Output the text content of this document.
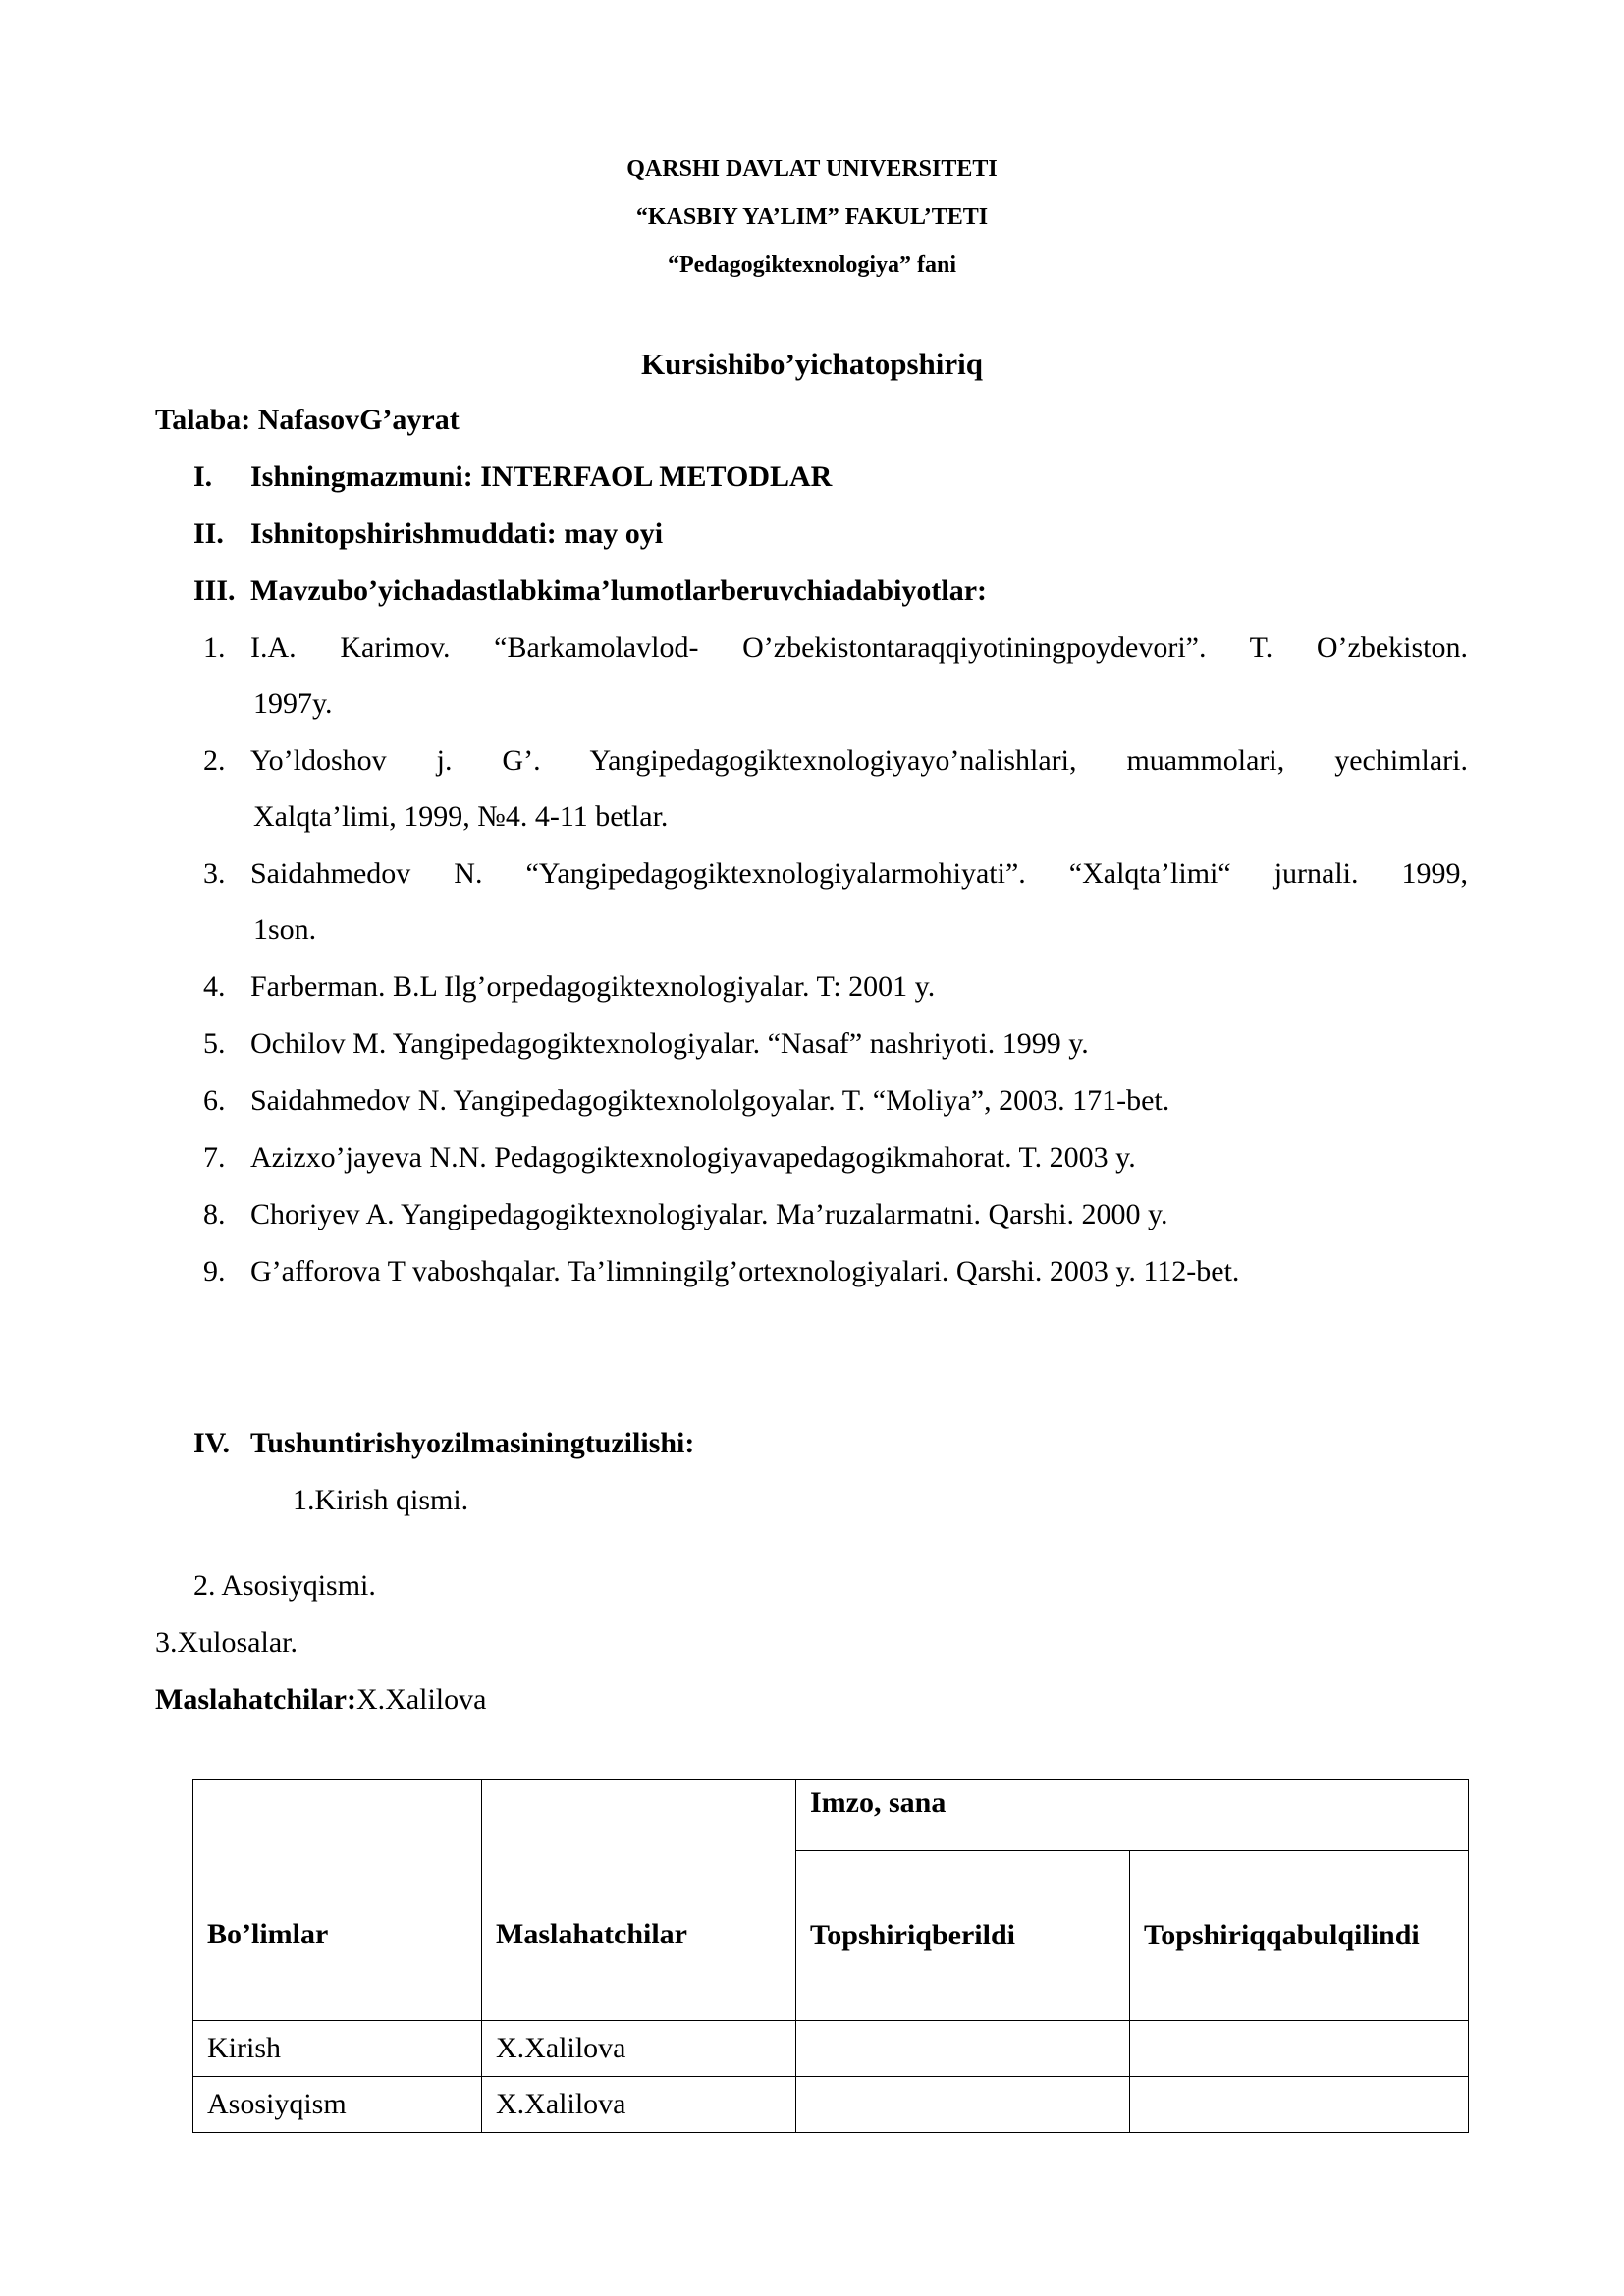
QARSHI DAVLAT UNIVERSITETI
“KASBIY YA’LIM” FAKUL’TETI
“Pedagogiktexnologiya” fani
Kursishibo’yichatopshiriq
Talaba: NafasovG’ayrat
I. Ishningmazmuni: INTERFAOL METODLAR
II. Ishnitopshirishmuddati: may oyi
III. Mavzubo’yichadastlabkima’lumotlarberuvchiadabiyotlar:
1. I.A. Karimov. “Barkamolavlod- O’zbekistontaraqqiyotiningpoydevori”. T. O’zbekiston.
1997y.
2. Yo’ldoshov j. G’. Yangipedagogiktexnologiyayo’nalishlari, muammolari, yechimlari.
Xalqta’limi, 1999, №4. 4-11 betlar.
3. Saidahmedov N. “Yangipedagogiktexnologiyalarmohiyati”. “Xalqta’limi“ jurnali. 1999,
1son.
4. Farberman. B.L Ilg’orpedagogiktexnologiyalar. T: 2001 y.
5. Ochilov M. Yangipedagogiktexnologiyalar. “Nasaf” nashriyoti. 1999 y.
6. Saidahmedov N. Yangipedagogiktexnololgoyalar. T. “Moliya”, 2003. 171-bet.
7. Azizxo’jayeva N.N. Pedagogiktexnologiyavapedagogikmahorat. T. 2003 y.
8. Choriyev A. Yangipedagogiktexnologiyalar. Ma’ruzalarmatni. Qarshi. 2000 y.
9. G’afforova T vaboshqalar. Ta’limningilg’ortexnologiyalari. Qarshi. 2003 y. 112-bet.
IV. Tushuntirishyozilmasiningtuzilishi:
1.Kirish qismi.
2. Asosiyqismi.
3.Xulosalar.
Maslahatchilar:X.Xalilova
Bo’limlar	Maslahatchilar	Imzo, sana	
		Topshiriqberildi	Topshiriqqabulqilindi
Kirish	X.Xalilova		
Asosiyqism	X.Xalilova		
